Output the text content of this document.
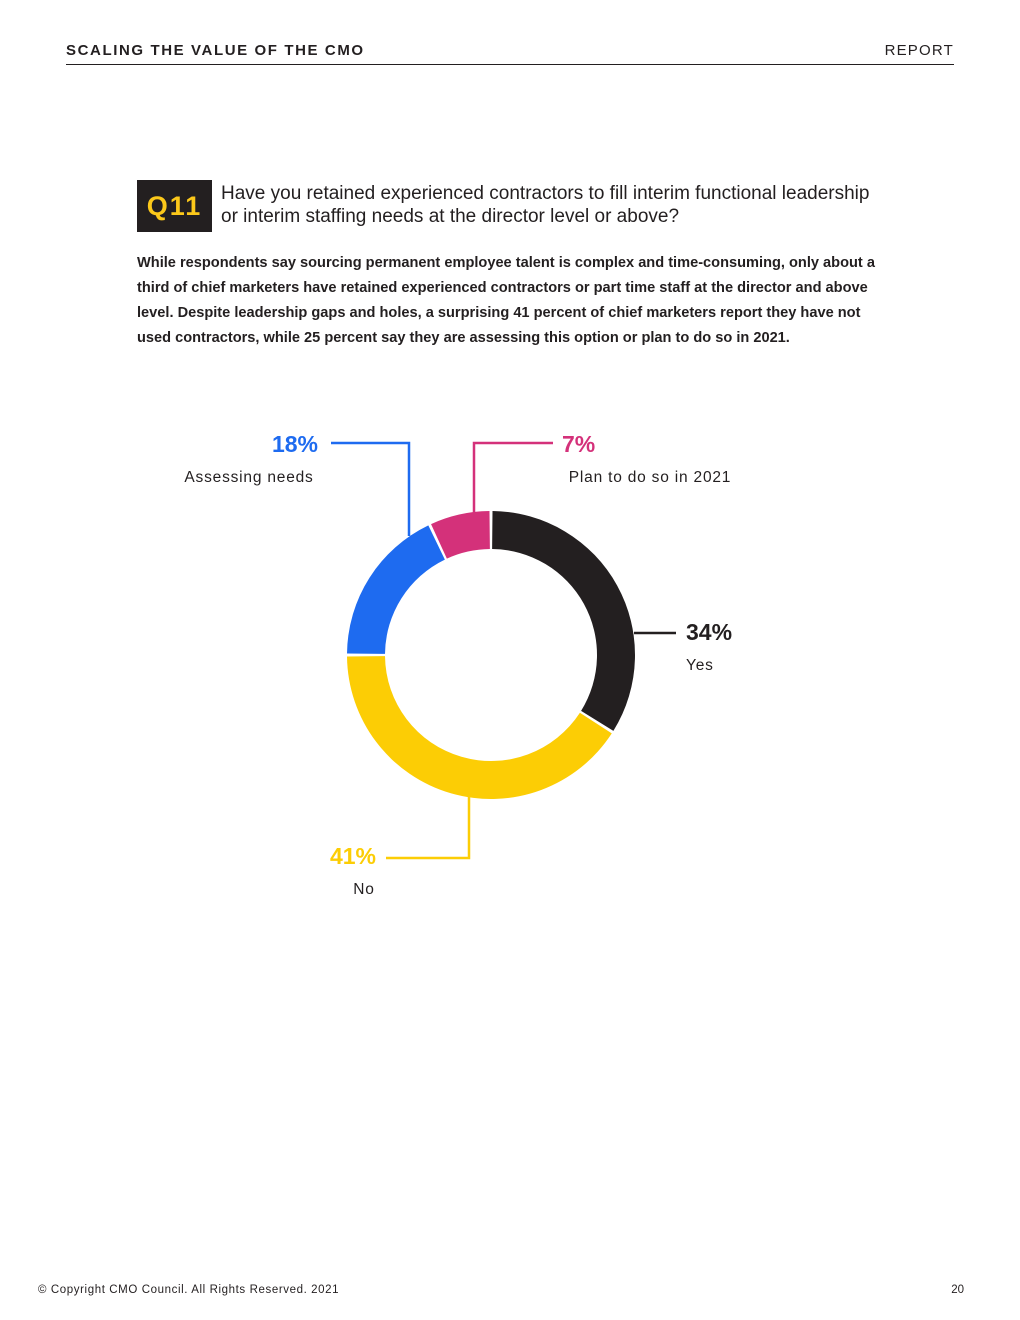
SCALING THE VALUE OF THE CMO	REPORT
Q11 Have you retained experienced contractors to fill interim functional leadership or interim staffing needs at the director level or above?
While respondents say sourcing permanent employee talent is complex and time-consuming, only about a third of chief marketers have retained experienced contractors or part time staff at the director and above level. Despite leadership gaps and holes, a surprising 41 percent of chief marketers report they have not used contractors, while 25 percent say they are assessing this option or plan to do so in 2021.
34%
Yes
41%
No
18%
Assessing needs
7%
Plan to do so in 2021
© Copyright CMO Council. All Rights Reserved. 2021	20
